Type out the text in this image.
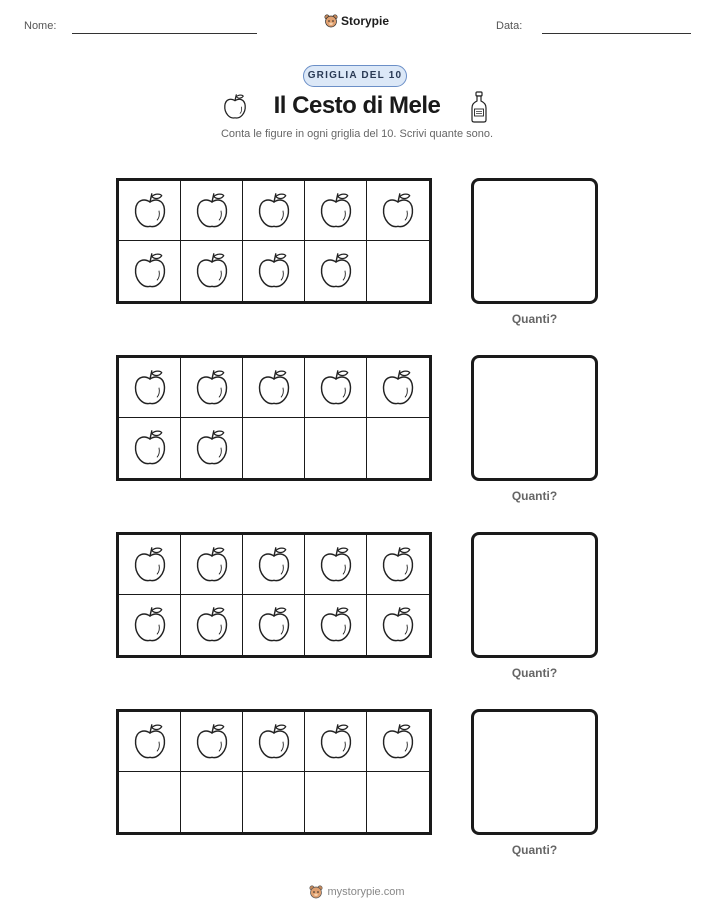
Nome:	Storypie	Data:
GRIGLIA DEL 10
Il Cesto di Mele
Conta le figure in ogni griglia del 10. Scrivi quante sono.
Quanti?
Quanti?
Quanti?
Quanti?
mystorypie.com
